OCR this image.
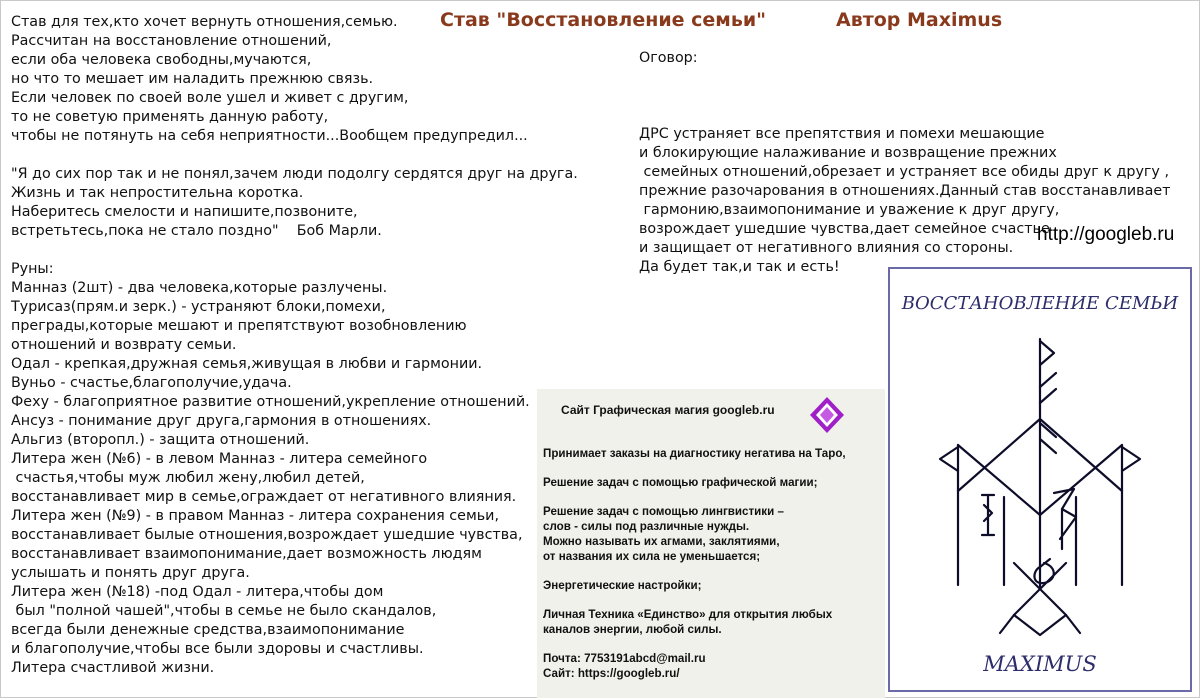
Став "Восстановление семьи"	Автор Maximus
Став для тех,кто хочет вернуть отношения,семью.
Рассчитан на восстановление отношений,
если оба человека свободны,мучаются,
но что то мешает им наладить прежнюю связь.
Если человек по своей воле ушел и живет с другим,
то не советую применять данную работу,
чтобы не потянуть на себя неприятности...Вообщем предупредил...
"Я до сих пор так и не понял,зачем люди подолгу сердятся друг на друга.
Жизнь и так непростительна коротка.
Наберитесь смелости и напишите,позвоните,
встретьтесь,пока не стало поздно"    Боб Марли.
Руны:
Манназ (2шт) - два человека,которые разлучены.
Турисаз(прям.и зерк.) - устраняют блоки,помехи,
преграды,которые мешают и препятствуют возобновлению
отношений и возврату семьи.
Одал - крепкая,дружная семья,живущая в любви и гармонии.
Вуньо - счастье,благополучие,удача.
Феху - благоприятное развитие отношений,укрепление отношений.
Ансуз - понимание друг друга,гармония в отношениях.
Альгиз (втoропл.) - защита отношений.
Литера жен (№6) - в левом Манназ - литера семейного
счастья,чтобы муж любил жену,любил детей,
восстанавливает мир в семье,ограждает от негативного влияния.
Литера жен (№9) - в правом Манназ - литера сохранения семьи,
восстанавливает былые отношения,возрождает ушедшие чувства,
восстанавливает взаимопонимание,дает возможность людям
услышать и понять друг друга.
Литера жен (№18) -под Одал - литера,чтобы дом
был "полной чашей",чтобы в семье не было скандалов,
всегда были денежные средства,взаимопонимание
и благополучие,чтобы все были здоровы и счастливы.
Литера счастливой жизни.
Оговор:
ДРС устраняет все препятствия и помехи мешающие
и блокирующие налаживание и возвращение прежних
семейных отношений,обрезает и устраняет все обиды друг к другу ,
прежние разочарования в отношениях.Данный став восстанавливает
гармонию,взаимопонимание и уважение к друг другу,
возрождает ушедшие чувства,дает семейное счастье
и защищает от негативного влияния со стороны.
Да будет так,и так и есть!
http://googleb.ru
Сайт Графическая магия googleb.ru
Принимает заказы на диагностику негатива на Таро,
Решение задач с помощью графической магии;
Решение задач с помощью лингвистики –
слов - силы под различные нужды.
Можно называть их агмами, заклятиями,
от названия их сила не уменьшается;
Энергетические настройки;
Личная Техника «Единство» для открытия любых
каналов энергии, любой силы.
Почта: 7753191abcd@mail.ru
Сайт: https://googleb.ru/
ВОССТАНОВЛЕНИЕ СЕМЬИ
MAXIMUS
